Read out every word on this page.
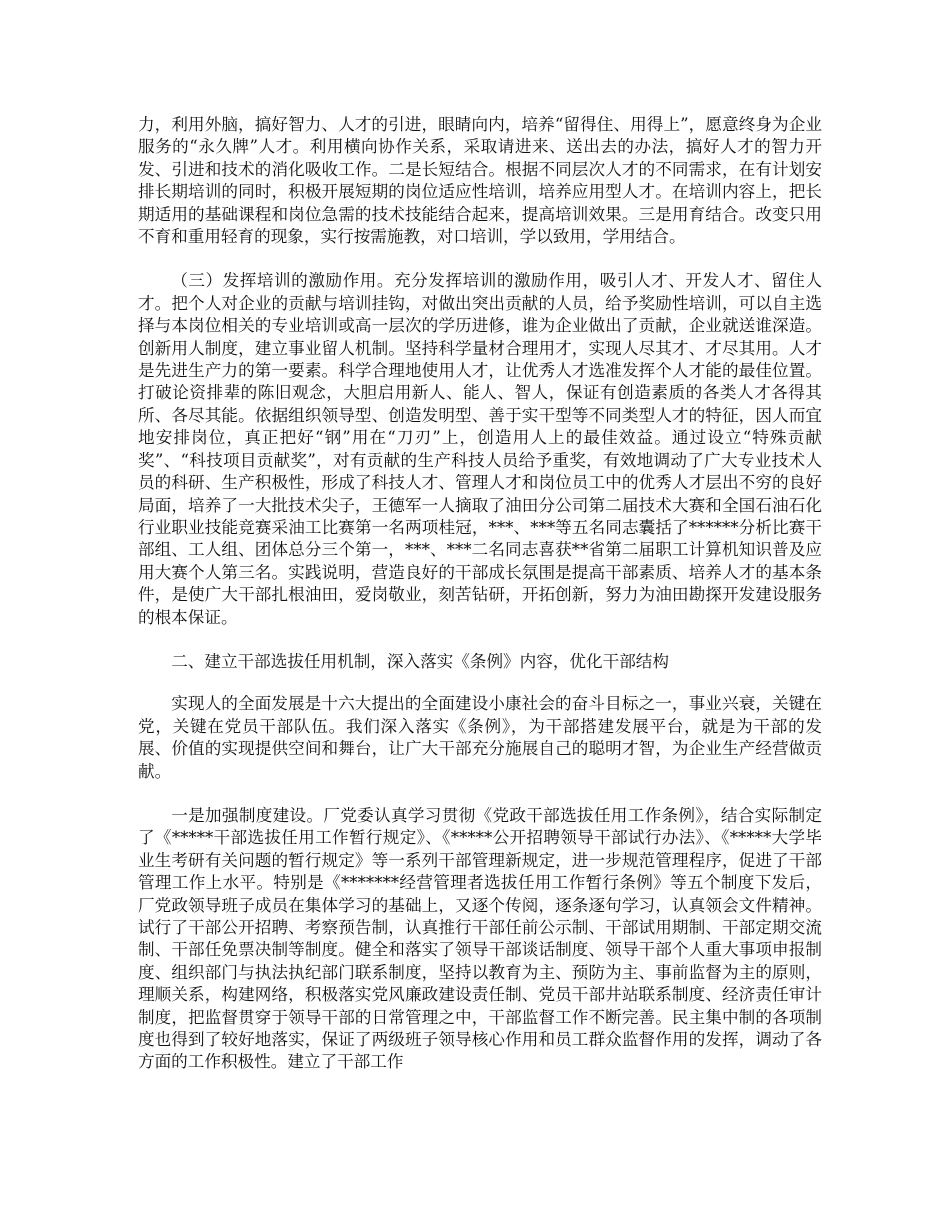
力，利用外脑，搞好智力、人才的引进，眼睛向内，培养“留得住、用得上”，愿意终身为企业服务的“永久牌”人才。利用横向协作关系，采取请进来、送出去的办法，搞好人才的智力开发、引进和技术的消化吸收工作。二是长短结合。根据不同层次人才的不同需求，在有计划安排长期培训的同时，积极开展短期的岗位适应性培训，培养应用型人才。在培训内容上，把长期适用的基础课程和岗位急需的技术技能结合起来，提高培训效果。三是用育结合。改变只用不育和重用轻育的现象，实行按需施教，对口培训，学以致用，学用结合。

（三）发挥培训的激励作用。充分发挥培训的激励作用，吸引人才、开发人才、留住人才。把个人对企业的贡献与培训挂钩，对做出突出贡献的人员，给予奖励性培训，可以自主选择与本岗位相关的专业培训或高一层次的学历进修，谁为企业做出了贡献，企业就送谁深造。创新用人制度，建立事业留人机制。坚持科学量材合理用才，实现人尽其才、才尽其用。人才是先进生产力的第一要素。科学合理地使用人才，让优秀人才选准发挥个人才能的最佳位置。打破论资排辈的陈旧观念，大胆启用新人、能人、智人，保证有创造素质的各类人才各得其所、各尽其能。依据组织领导型、创造发明型、善于实干型等不同类型人才的特征，因人而宜地安排岗位，真正把好“钢”用在“刀刃”上，创造用人上的最佳效益。通过设立“特殊贡献奖”、“科技项目贡献奖”，对有贡献的生产科技人员给予重奖，有效地调动了广大专业技术人员的科研、生产积极性，形成了科技人才、管理人才和岗位员工中的优秀人才层出不穷的良好局面，培养了一大批技术尖子，王德军一人摘取了油田分公司第二届技术大赛和全国石油石化行业职业技能竞赛采油工比赛第一名两项桂冠，***、***等五名同志囊括了******分析比赛干部组、工人组、团体总分三个第一，***、***二名同志喜获**省第二届职工计算机知识普及应用大赛个人第三名。实践说明，营造良好的干部成长氛围是提高干部素质、培养人才的基本条件，是使广大干部扎根油田，爱岗敬业，刻苦钻研，开拓创新，努力为油田勘探开发建设服务的根本保证。

二、建立干部选拔任用机制，深入落实《条例》内容，优化干部结构

实现人的全面发展是十六大提出的全面建设小康社会的奋斗目标之一，事业兴衰，关键在党，关键在党员干部队伍。我们深入落实《条例》，为干部搭建发展平台，就是为干部的发展、价值的实现提供空间和舞台，让广大干部充分施展自己的聪明才智，为企业生产经营做贡献。

一是加强制度建设。厂党委认真学习贯彻《党政干部选拔任用工作条例》，结合实际制定了《*****干部选拔任用工作暂行规定》、《*****公开招聘领导干部试行办法》、《*****大学毕业生考研有关问题的暂行规定》等一系列干部管理新规定，进一步规范管理程序，促进了干部管理工作上水平。特别是《*******经营管理者选拔任用工作暂行条例》等五个制度下发后，厂党政领导班子成员在集体学习的基础上，又逐个传阅，逐条逐句学习，认真领会文件精神。试行了干部公开招聘、考察预告制，认真推行干部任前公示制、干部试用期制、干部定期交流制、干部任免票决制等制度。健全和落实了领导干部谈话制度、领导干部个人重大事项申报制度、组织部门与执法执纪部门联系制度，坚持以教育为主、预防为主、事前监督为主的原则，理顺关系，构建网络，积极落实党风廉政建设责任制、党员干部井站联系制度、经济责任审计制度，把监督贯穿于领导干部的日常管理之中，干部监督工作不断完善。民主集中制的各项制度也得到了较好地落实，保证了两级班子领导核心作用和员工群众监督作用的发挥，调动了各方面的工作积极性。建立了干部工作
